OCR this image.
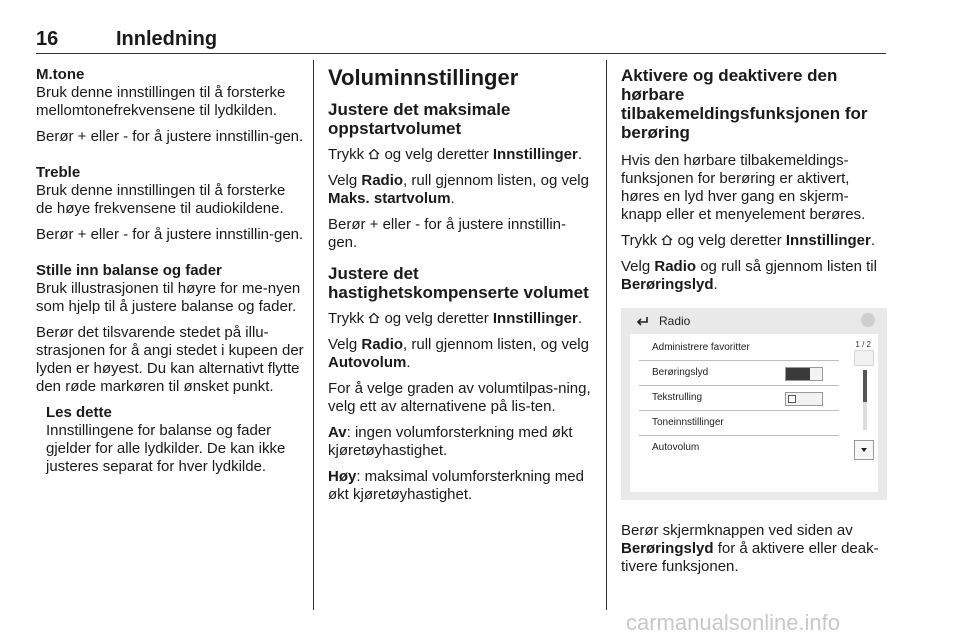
16	Innledning

M.tone

Bruk denne innstillingen til å forsterke mellomtonefrekvensene til lydkilden.

Berør + eller - for å justere innstillin-gen.

Treble

Bruk denne innstillingen til å forsterke de høye frekvensene til audiokildene.

Berør + eller - for å justere innstillin-gen.

Stille inn balanse og fader

Bruk illustrasjonen til høyre for me-nyen som hjelp til å justere balanse og fader.

Berør det tilsvarende stedet på illu-strasjonen for å angi stedet i kupeen der lyden er høyest. Du kan alternativt flytte den røde markøren til ønsket punkt.

Les dette

Innstillingene for balanse og fader gjelder for alle lydkilder. De kan ikke justeres separat for hver lydkilde.

Voluminnstillinger
Justere det maksimale oppstartvolumet

Trykk og velg deretter Innstillinger.

Velg Radio, rull gjennom listen, og velg Maks. startvolum.

Berør + eller - for å justere innstillin-gen.

Justere det hastighetskompenserte volumet

Trykk og velg deretter Innstillinger.

Velg Radio, rull gjennom listen, og velg Autovolum.

For å velge graden av volumtilpas-ning, velg ett av alternativene på lis-ten.

Av: ingen volumforsterkning med økt kjøretøyhastighet.

Høy: maksimal volumforsterkning med økt kjøretøyhastighet.

Aktivere og deaktivere den hørbare tilbakemeldingsfunksjonen for berøring

Hvis den hørbare tilbakemeldings-funksjonen for berøring er aktivert, høres en lyd hver gang en skjerm-knapp eller et menyelement berøres.

Trykk og velg deretter Innstillinger.

Velg Radio og rull så gjennom listen til Berøringslyd.

Radio
Administrere favoritter
Berøringslyd
Tekstrulling
Toneinnstillinger
Autovolum
1 / 2

Berør skjermknappen ved siden av Berøringslyd for å aktivere eller deak-tivere funksjonen.

carmanualsonline.info
